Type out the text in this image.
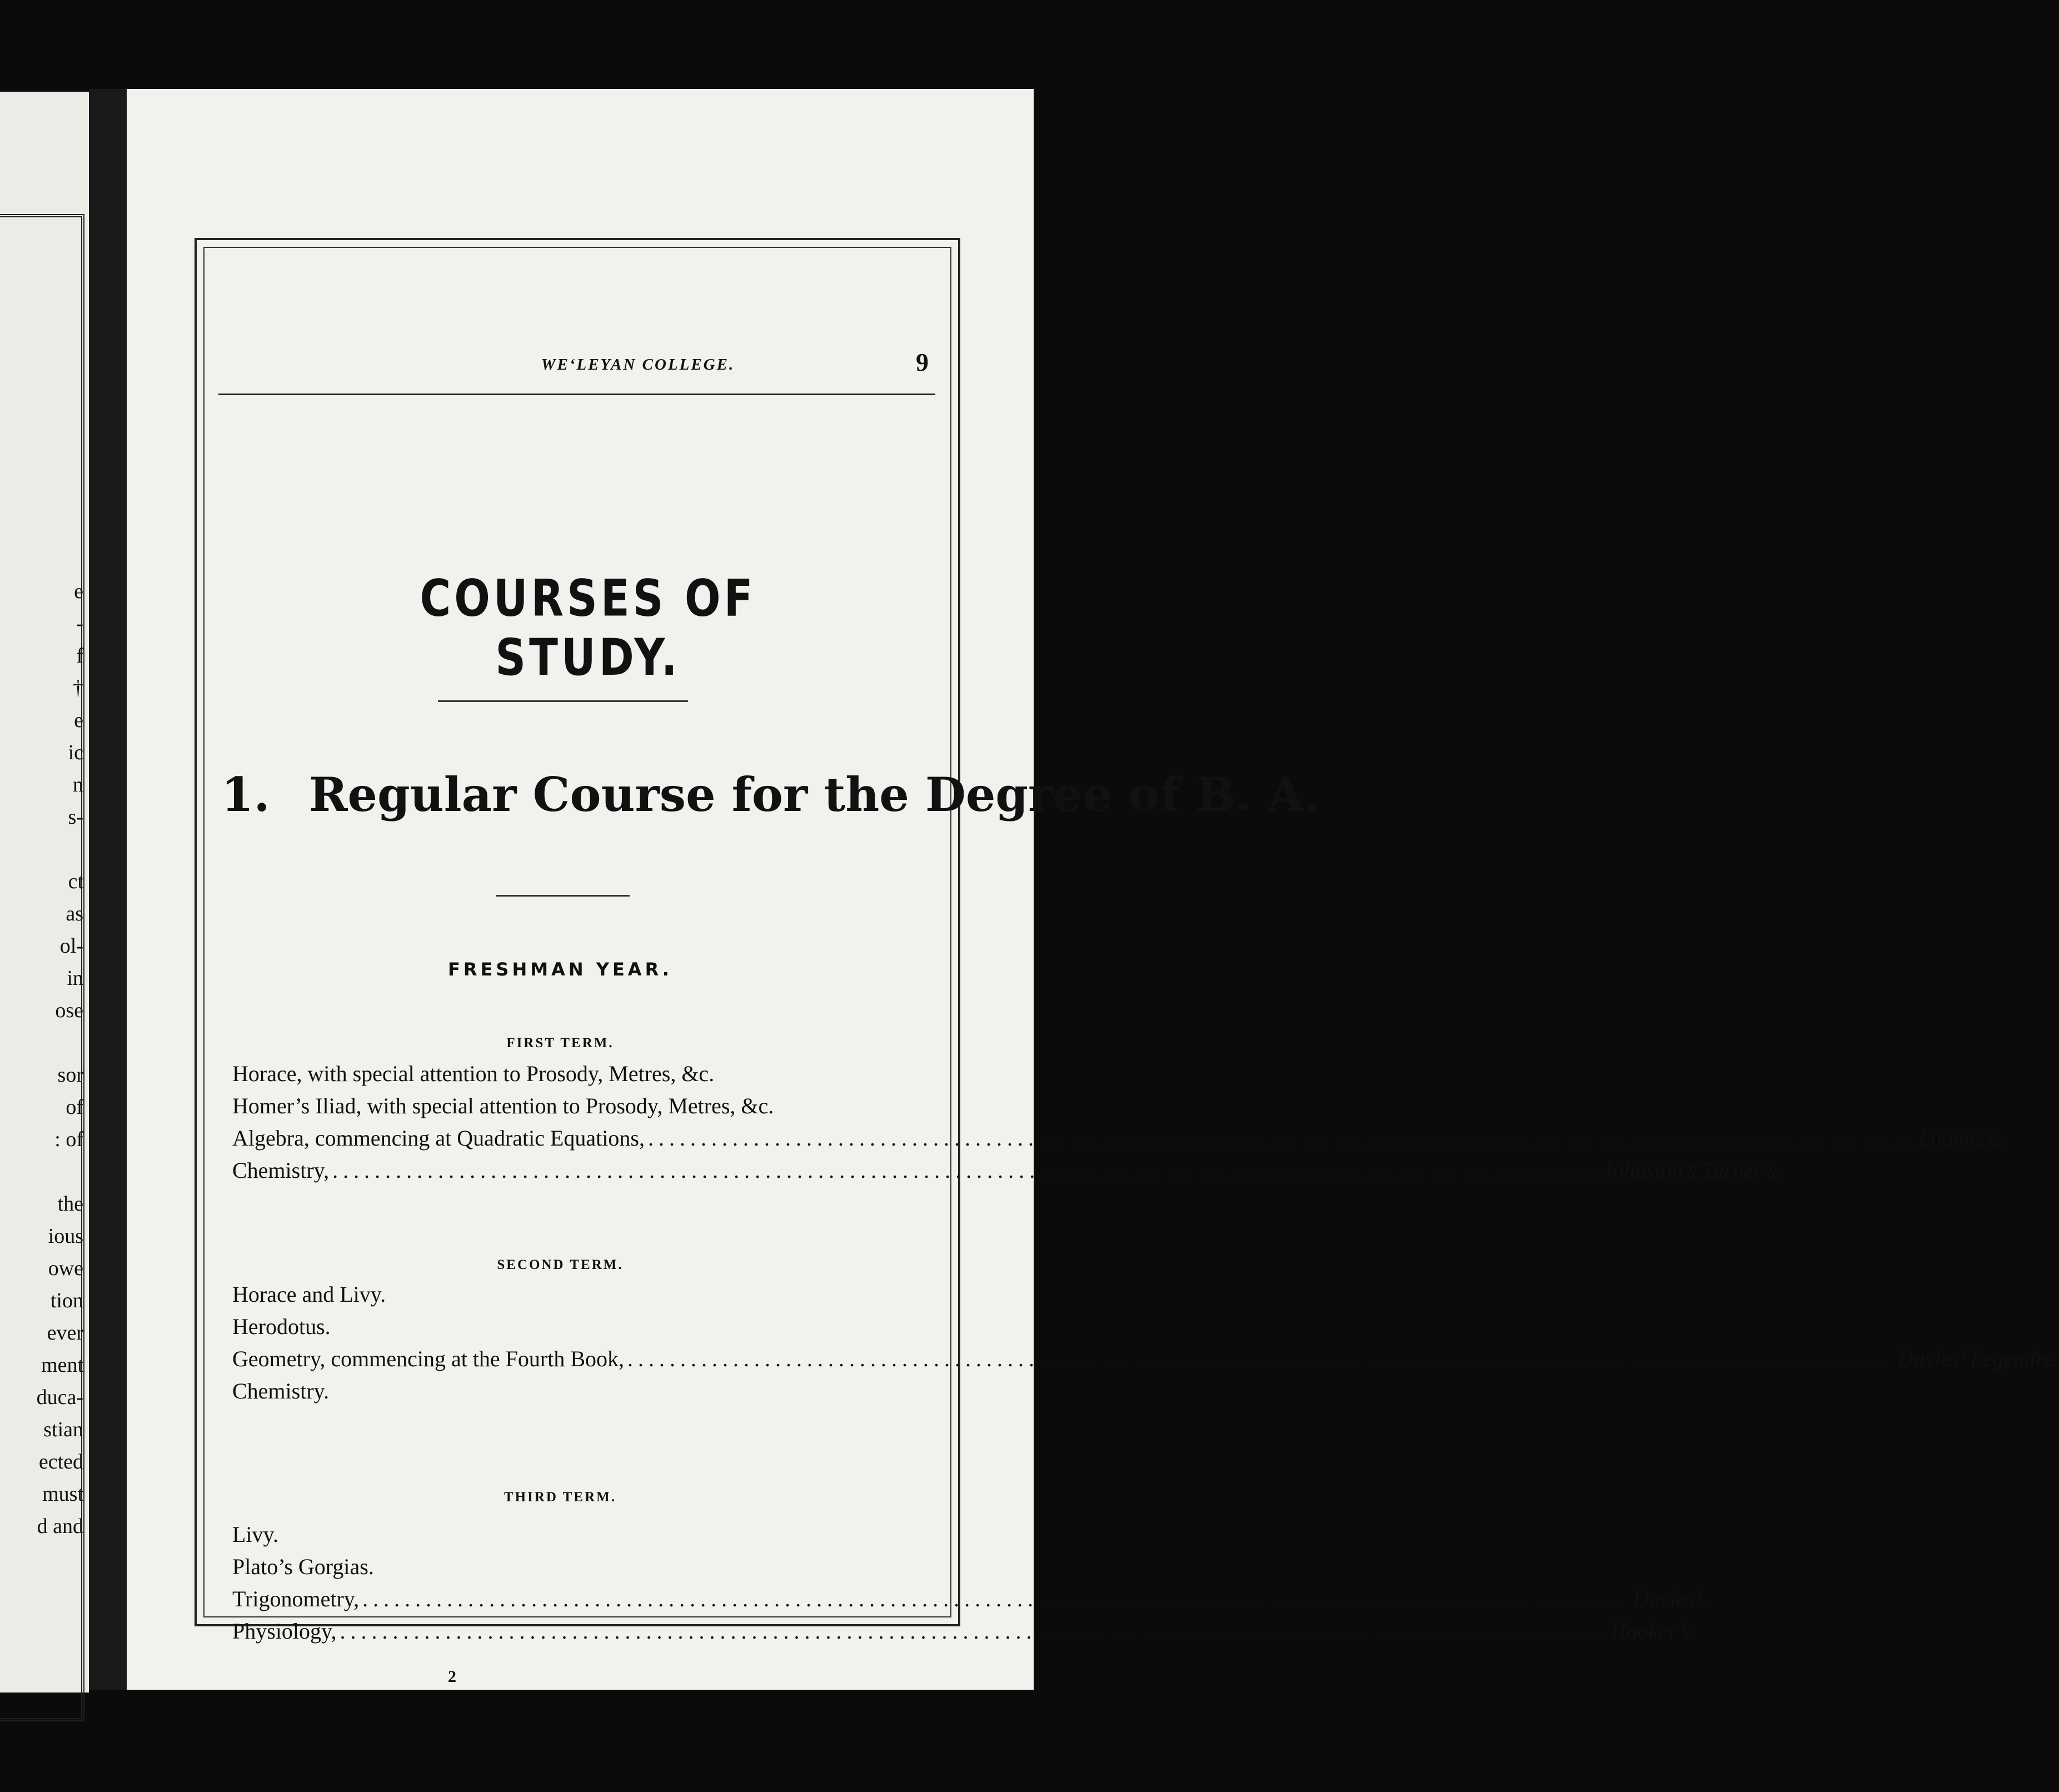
e
-
f
†
e
ic
n
s-

ct
as
ol-
in
ose

sor
of
: of

the
ious
owe
tion
ever
ment
duca-
stian
ected
must
d and
WE‘LEYAN COLLEGE.	9
COURSES OF STUDY.
1. Regular Course for the Degree of B. A.
FRESHMAN YEAR.
FIRST TERM.
Horace, with special attention to Prosody, Metres, &c.
Homer’s Iliad, with special attention to Prosody, Metres, &c.
Algebra, commencing at Quadratic Equations, ........................................................................................................................ Loomis’s.
Chemistry, ........................................................................................................................ Johnston’s Turner’s.
SECOND TERM.
Horace and Livy.
Herodotus.
Geometry, commencing at the Fourth Book, ........................................................................................................................ Davies’ Legendre.
Chemistry.
THIRD TERM.
Livy.
Plato’s Gorgias.
Trigonometry, ........................................................................................................................ Davies’.
Physiology, ........................................................................................................................ Hooker’s.
2
